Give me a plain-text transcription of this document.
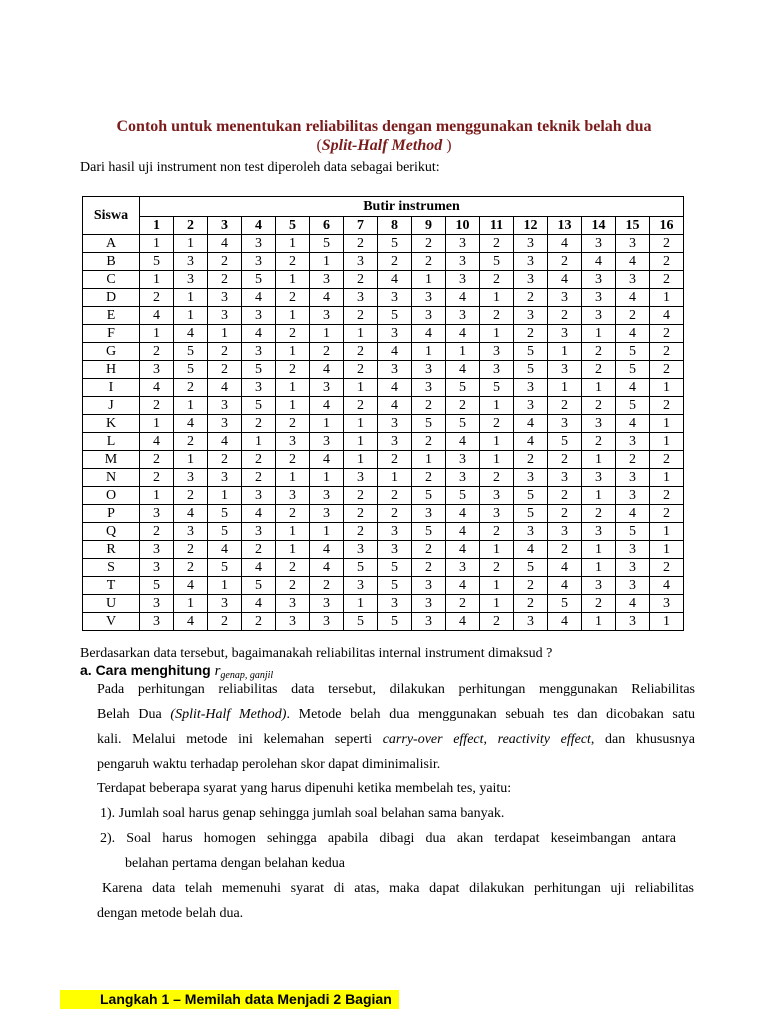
Contoh untuk menentukan reliabilitas dengan menggunakan teknik belah dua
(Split-Half Method )
Dari hasil uji instrument non test diperoleh data sebagai berikut:
Siswa	Butir instrumen															
	1	2	3	4	5	6	7	8	9	10	11	12	13	14	15	16
A	1	1	4	3	1	5	2	5	2	3	2	3	4	3	3	2
B	5	3	2	3	2	1	3	2	2	3	5	3	2	4	4	2
C	1	3	2	5	1	3	2	4	1	3	2	3	4	3	3	2
D	2	1	3	4	2	4	3	3	3	4	1	2	3	3	4	1
E	4	1	3	3	1	3	2	5	3	3	2	3	2	3	2	4
F	1	4	1	4	2	1	1	3	4	4	1	2	3	1	4	2
G	2	5	2	3	1	2	2	4	1	1	3	5	1	2	5	2
H	3	5	2	5	2	4	2	3	3	4	3	5	3	2	5	2
I	4	2	4	3	1	3	1	4	3	5	5	3	1	1	4	1
J	2	1	3	5	1	4	2	4	2	2	1	3	2	2	5	2
K	1	4	3	2	2	1	1	3	5	5	2	4	3	3	4	1
L	4	2	4	1	3	3	1	3	2	4	1	4	5	2	3	1
M	2	1	2	2	2	4	1	2	1	3	1	2	2	1	2	2
N	2	3	3	2	1	1	3	1	2	3	2	3	3	3	3	1
O	1	2	1	3	3	3	2	2	5	5	3	5	2	1	3	2
P	3	4	5	4	2	3	2	2	3	4	3	5	2	2	4	2
Q	2	3	5	3	1	1	2	3	5	4	2	3	3	3	5	1
R	3	2	4	2	1	4	3	3	2	4	1	4	2	1	3	1
S	3	2	5	4	2	4	5	5	2	3	2	5	4	1	3	2
T	5	4	1	5	2	2	3	5	3	4	1	2	4	3	3	4
U	3	1	3	4	3	3	1	3	3	2	1	2	5	2	4	3
V	3	4	2	2	3	3	5	5	3	4	2	3	4	1	3	1
Berdasarkan data tersebut, bagaimanakah reliabilitas internal instrument dimaksud ?
a. Cara menghitung $r_{genap, ganjil}$
Pada perhitungan reliabilitas data tersebut, dilakukan perhitungan menggunakan Reliabilitas
Belah Dua (Split-Half Method). Metode belah dua menggunakan sebuah tes dan dicobakan satu
kali. Melalui metode ini kelemahan seperti carry-over effect, reactivity effect, dan khususnya
pengaruh waktu terhadap perolehan skor dapat diminimalisir.
Terdapat beberapa syarat yang harus dipenuhi ketika membelah tes, yaitu:
1). Jumlah soal harus genap sehingga jumlah soal belahan sama banyak.
2). Soal harus homogen sehingga apabila dibagi dua akan terdapat keseimbangan antara
belahan pertama dengan belahan kedua
Karena data telah memenuhi syarat di atas, maka dapat dilakukan perhitungan uji reliabilitas
dengan metode belah dua.
Langkah 1 – Memilah data Menjadi 2 Bagian
